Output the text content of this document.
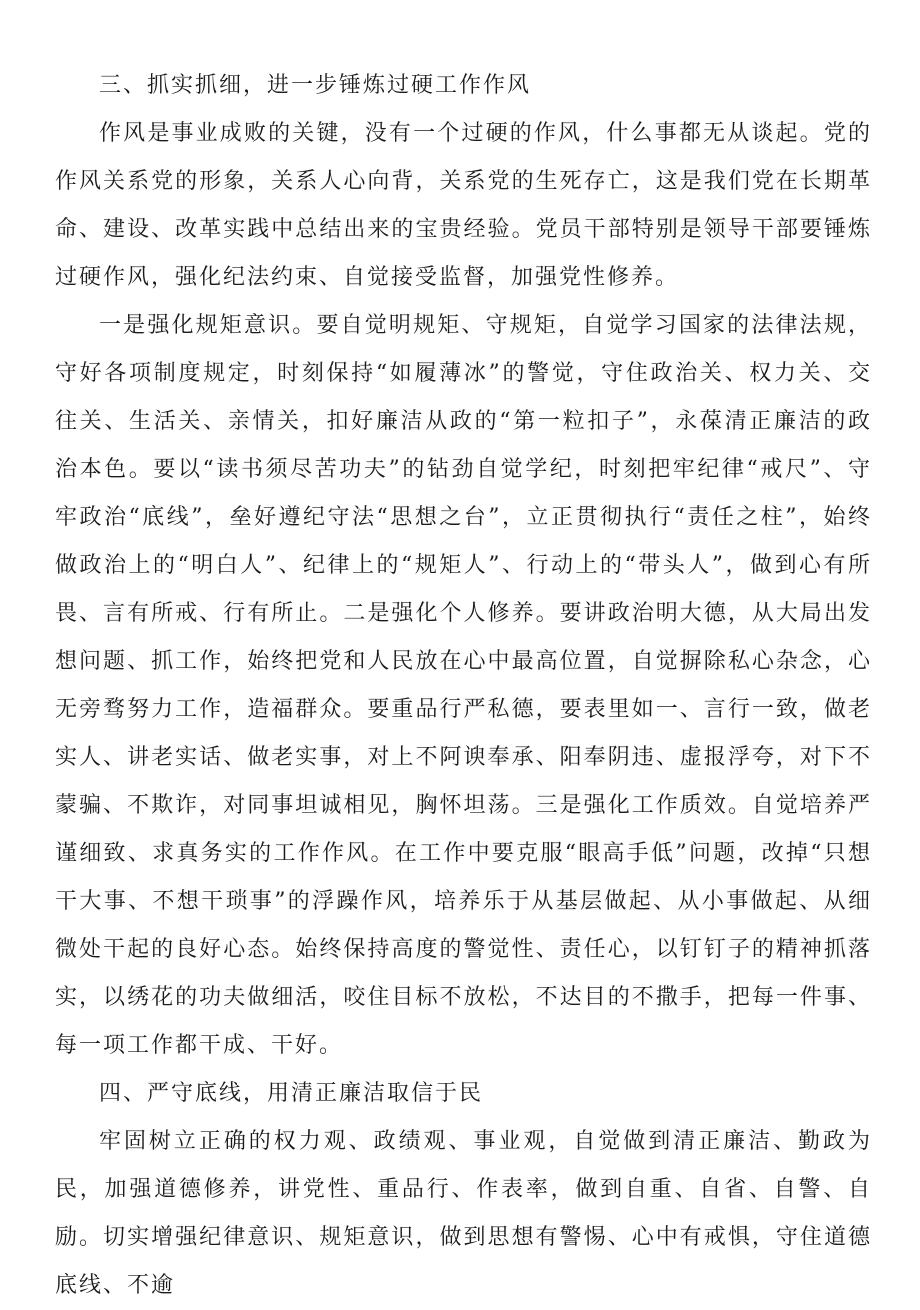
三、抓实抓细，进一步锤炼过硬工作作风

作风是事业成败的关键，没有一个过硬的作风，什么事都无从谈起。党的作风关系党的形象，关系人心向背，关系党的生死存亡，这是我们党在长期革命、建设、改革实践中总结出来的宝贵经验。党员干部特别是领导干部要锤炼过硬作风，强化纪法约束、自觉接受监督，加强党性修养。

一是强化规矩意识。要自觉明规矩、守规矩，自觉学习国家的法律法规，守好各项制度规定，时刻保持“如履薄冰”的警觉，守住政治关、权力关、交往关、生活关、亲情关，扣好廉洁从政的“第一粒扣子”，永葆清正廉洁的政治本色。要以“读书须尽苦功夫”的钻劲自觉学纪，时刻把牢纪律“戒尺”、守牢政治“底线”，垒好遵纪守法“思想之台”，立正贯彻执行“责任之柱”，始终做政治上的“明白人”、纪律上的“规矩人”、行动上的“带头人”，做到心有所畏、言有所戒、行有所止。二是强化个人修养。要讲政治明大德，从大局出发想问题、抓工作，始终把党和人民放在心中最高位置，自觉摒除私心杂念，心无旁骛努力工作，造福群众。要重品行严私德，要表里如一、言行一致，做老实人、讲老实话、做老实事，对上不阿谀奉承、阳奉阴违、虚报浮夸，对下不蒙骗、不欺诈，对同事坦诚相见，胸怀坦荡。三是强化工作质效。自觉培养严谨细致、求真务实的工作作风。在工作中要克服“眼高手低”问题，改掉“只想干大事、不想干琐事”的浮躁作风，培养乐于从基层做起、从小事做起、从细微处干起的良好心态。始终保持高度的警觉性、责任心，以钉钉子的精神抓落实，以绣花的功夫做细活，咬住目标不放松，不达目的不撒手，把每一件事、每一项工作都干成、干好。

四、严守底线，用清正廉洁取信于民

牢固树立正确的权力观、政绩观、事业观，自觉做到清正廉洁、勤政为民，加强道德修养，讲党性、重品行、作表率，做到自重、自省、自警、自励。切实增强纪律意识、规矩意识，做到思想有警惕、心中有戒惧，守住道德底线、不逾
